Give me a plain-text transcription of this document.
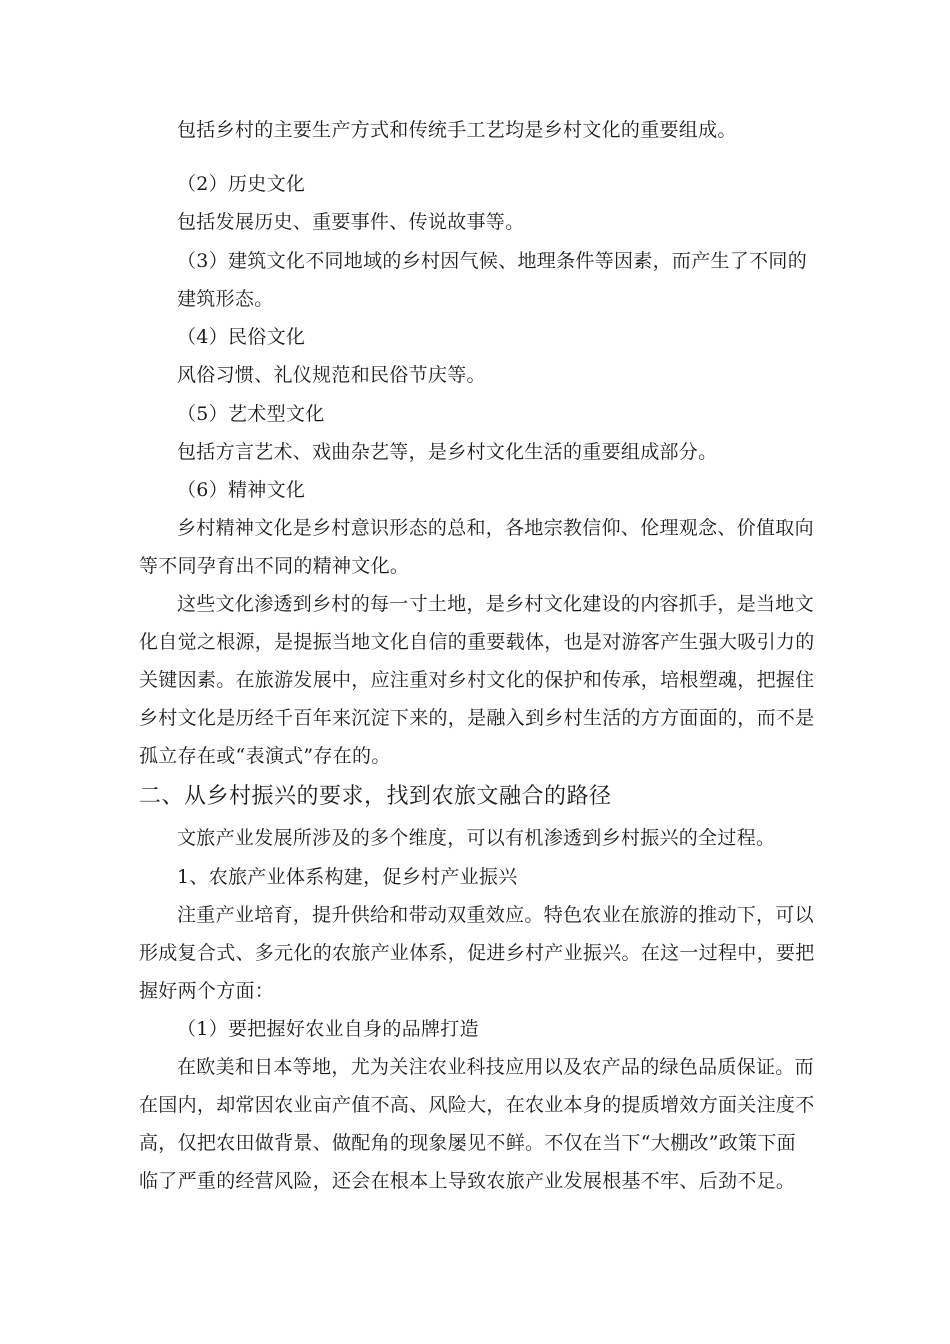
包括乡村的主要生产方式和传统手工艺均是乡村文化的重要组成。
（2）历史文化
包括发展历史、重要事件、传说故事等。
（3）建筑文化不同地域的乡村因气候、地理条件等因素，而产生了不同的
建筑形态。
（4）民俗文化
风俗习惯、礼仪规范和民俗节庆等。
（5）艺术型文化
包括方言艺术、戏曲杂艺等，是乡村文化生活的重要组成部分。
（6）精神文化
乡村精神文化是乡村意识形态的总和，各地宗教信仰、伦理观念、价值取向
等不同孕育出不同的精神文化。
这些文化渗透到乡村的每一寸土地，是乡村文化建设的内容抓手，是当地文
化自觉之根源，是提振当地文化自信的重要载体，也是对游客产生强大吸引力的
关键因素。在旅游发展中，应注重对乡村文化的保护和传承，培根塑魂，把握住
乡村文化是历经千百年来沉淀下来的，是融入到乡村生活的方方面面的，而不是
孤立存在或“表演式”存在的。
二、从乡村振兴的要求，找到农旅文融合的路径
文旅产业发展所涉及的多个维度，可以有机渗透到乡村振兴的全过程。
1、农旅产业体系构建，促乡村产业振兴
注重产业培育，提升供给和带动双重效应。特色农业在旅游的推动下，可以
形成复合式、多元化的农旅产业体系，促进乡村产业振兴。在这一过程中，要把
握好两个方面：
（1）要把握好农业自身的品牌打造
在欧美和日本等地，尤为关注农业科技应用以及农产品的绿色品质保证。而
在国内，却常因农业亩产值不高、风险大，在农业本身的提质增效方面关注度不
高，仅把农田做背景、做配角的现象屡见不鲜。不仅在当下“大棚改”政策下面
临了严重的经营风险，还会在根本上导致农旅产业发展根基不牢、后劲不足。
